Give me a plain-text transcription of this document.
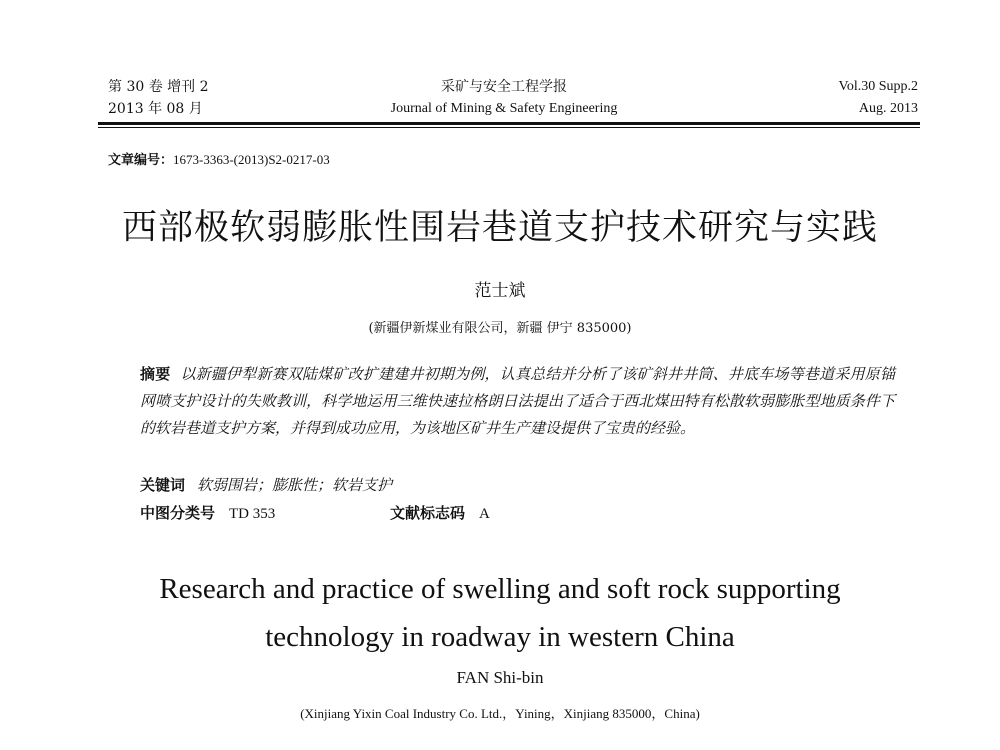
第 30 卷 增刊 2
2013 年 08 月
采矿与安全工程学报
Journal of Mining & Safety Engineering
Vol.30 Supp.2
Aug. 2013
文章编号：1673-3363-(2013)S2-0217-03
西部极软弱膨胀性围岩巷道支护技术研究与实践
范士斌
(新疆伊新煤业有限公司，新疆 伊宁 835000)
摘要 以新疆伊犁新赛双陆煤矿改扩建建井初期为例，认真总结并分析了该矿斜井井筒、井底车场等巷道采用原锚网喷支护设计的失败教训，科学地运用三维快速拉格朗日法提出了适合于西北煤田特有松散软弱膨胀型地质条件下的软岩巷道支护方案，并得到成功应用，为该地区矿井生产建设提供了宝贵的经验。
关键词 软弱围岩；膨胀性；软岩支护
中图分类号 TD 353	文献标志码 A
Research and practice of swelling and soft rock supporting
technology in roadway in western China
FAN Shi-bin
(Xinjiang Yixin Coal Industry Co. Ltd.，Yining，Xinjiang 835000，China)
